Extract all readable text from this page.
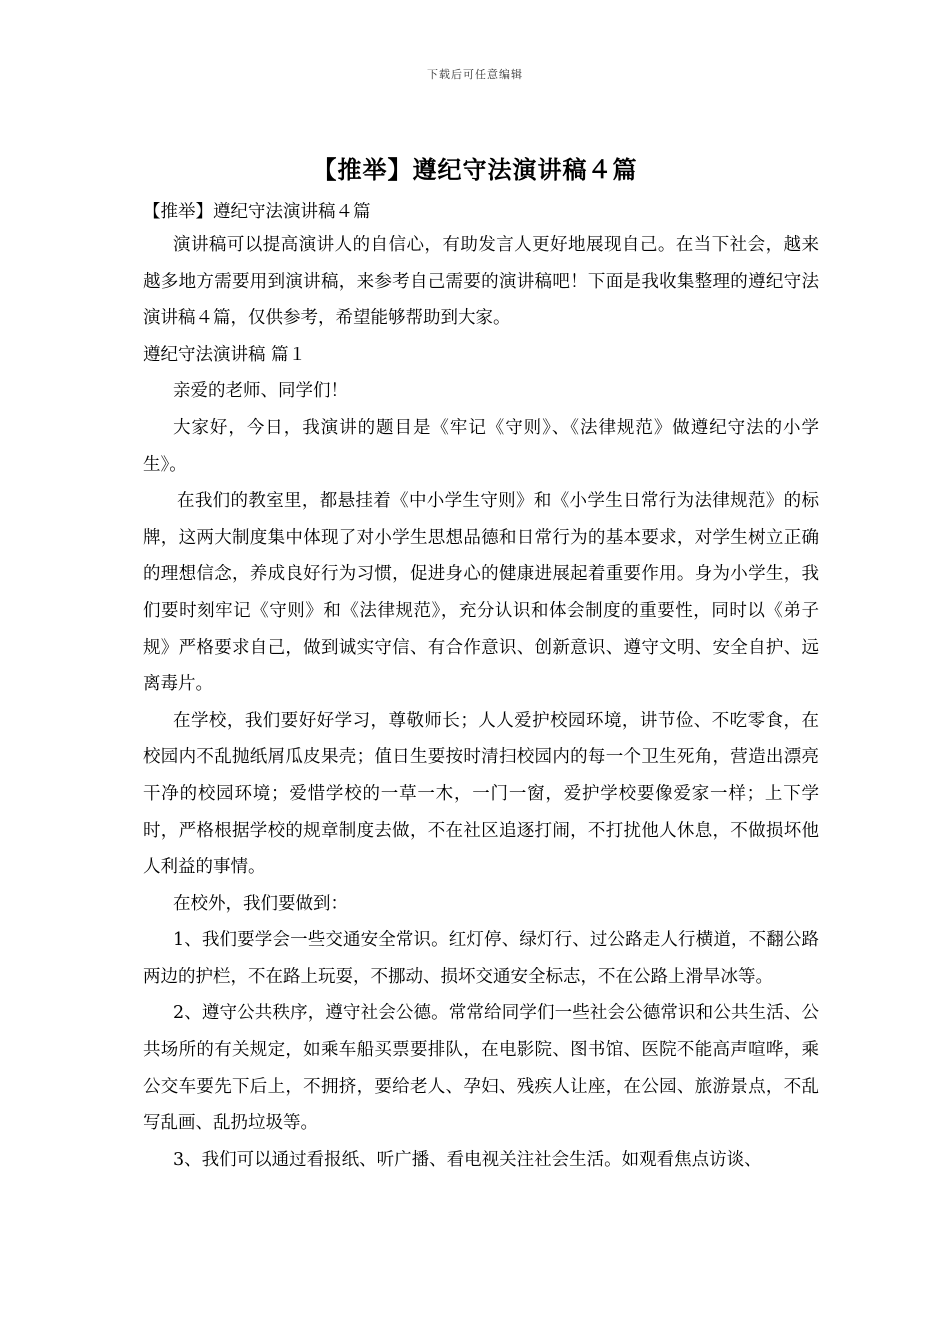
下载后可任意编辑
【推举】遵纪守法演讲稿４篇

【推举】遵纪守法演讲稿４篇

演讲稿可以提高演讲人的自信心，有助发言人更好地展现自己。在当下社会，越来越多地方需要用到演讲稿，来参考自己需要的演讲稿吧！下面是我收集整理的遵纪守法演讲稿４篇，仅供参考，希望能够帮助到大家。

遵纪守法演讲稿 篇１

亲爱的老师、同学们！

大家好，今日，我演讲的题目是《牢记《守则》、《法律规范》做遵纪守法的小学生》。

在我们的教室里，都悬挂着《中小学生守则》和《小学生日常行为法律规范》的标牌，这两大制度集中体现了对小学生思想品德和日常行为的基本要求，对学生树立正确的理想信念，养成良好行为习惯，促进身心的健康进展起着重要作用。身为小学生，我们要时刻牢记《守则》和《法律规范》，充分认识和体会制度的重要性，同时以《弟子规》严格要求自己，做到诚实守信、有合作意识、创新意识、遵守文明、安全自护、远离毒片。

在学校，我们要好好学习，尊敬师长；人人爱护校园环境，讲节俭、不吃零食，在校园内不乱抛纸屑瓜皮果壳；值日生要按时清扫校园内的每一个卫生死角，营造出漂亮干净的校园环境；爱惜学校的一草一木，一门一窗，爱护学校要像爱家一样；上下学时，严格根据学校的规章制度去做，不在社区追逐打闹，不打扰他人休息，不做损坏他人利益的事情。

在校外，我们要做到：

1、我们要学会一些交通安全常识。红灯停、绿灯行、过公路走人行横道，不翻公路两边的护栏，不在路上玩耍，不挪动、损坏交通安全标志，不在公路上滑旱冰等。

2、遵守公共秩序，遵守社会公德。常常给同学们一些社会公德常识和公共生活、公共场所的有关规定，如乘车船买票要排队，在电影院、图书馆、医院不能高声喧哗，乘公交车要先下后上，不拥挤，要给老人、孕妇、残疾人让座，在公园、旅游景点，不乱写乱画、乱扔垃圾等。

3、我们可以通过看报纸、听广播、看电视关注社会生活。如观看焦点访谈、
